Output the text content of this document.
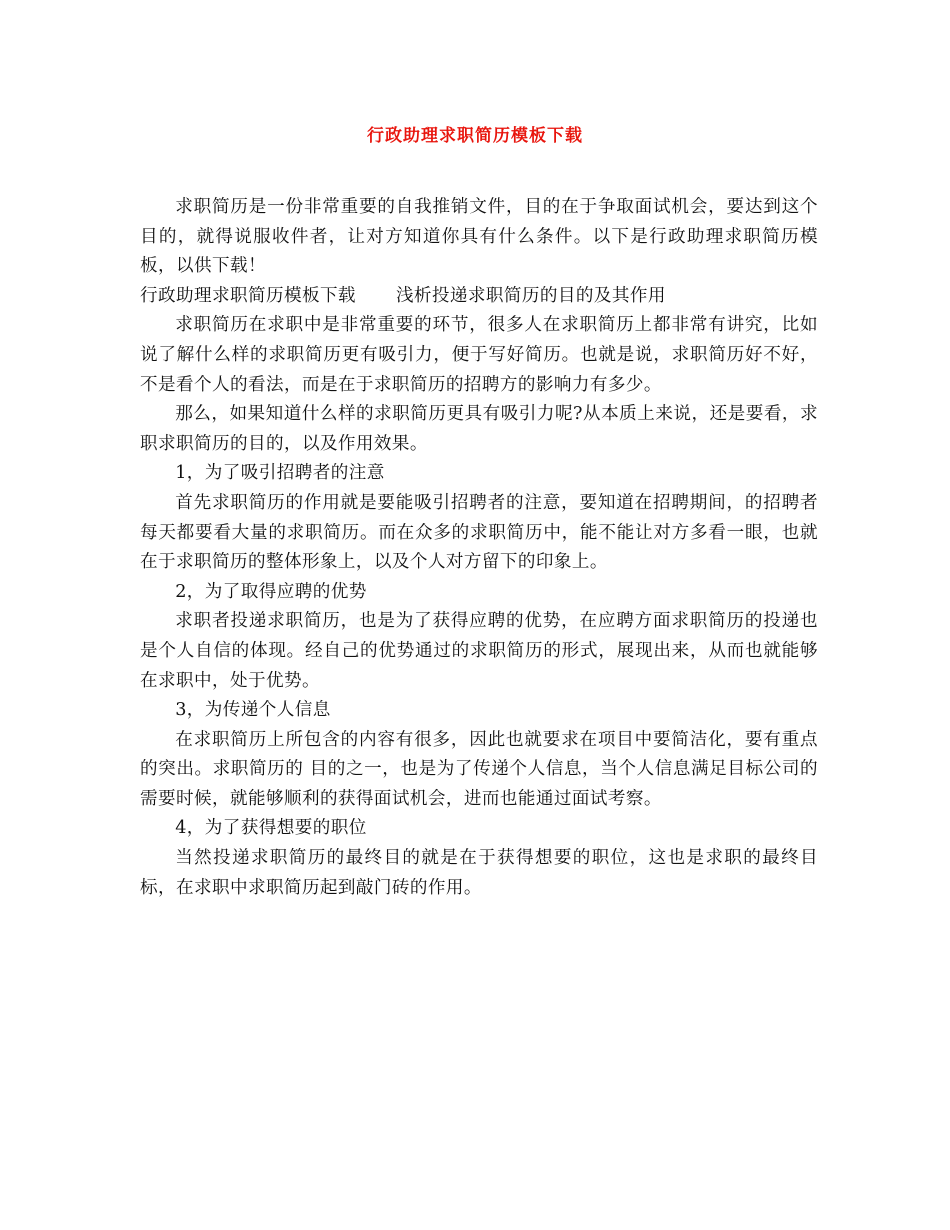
行政助理求职简历模板下载

求职简历是一份非常重要的自我推销文件，目的在于争取面试机会，要达到这个目的，就得说服收件者，让对方知道你具有什么条件。以下是行政助理求职简历模板，以供下载！

行政助理求职简历模板下载 浅析投递求职简历的目的及其作用

求职简历在求职中是非常重要的环节，很多人在求职简历上都非常有讲究，比如说了解什么样的求职简历更有吸引力，便于写好简历。也就是说，求职简历好不好，不是看个人的看法，而是在于求职简历的招聘方的影响力有多少。

那么，如果知道什么样的求职简历更具有吸引力呢?从本质上来说，还是要看，求职求职简历的目的，以及作用效果。

1，为了吸引招聘者的注意

首先求职简历的作用就是要能吸引招聘者的注意，要知道在招聘期间，的招聘者每天都要看大量的求职简历。而在众多的求职简历中，能不能让对方多看一眼，也就在于求职简历的整体形象上，以及个人对方留下的印象上。

2，为了取得应聘的优势

求职者投递求职简历，也是为了获得应聘的优势，在应聘方面求职简历的投递也是个人自信的体现。经自己的优势通过的求职简历的形式，展现出来，从而也就能够在求职中，处于优势。

3，为传递个人信息

在求职简历上所包含的内容有很多，因此也就要求在项目中要简洁化，要有重点的突出。求职简历的 目的之一，也是为了传递个人信息，当个人信息满足目标公司的需要时候，就能够顺利的获得面试机会，进而也能通过面试考察。

4，为了获得想要的职位

当然投递求职简历的最终目的就是在于获得想要的职位，这也是求职的最终目标，在求职中求职简历起到敲门砖的作用。
